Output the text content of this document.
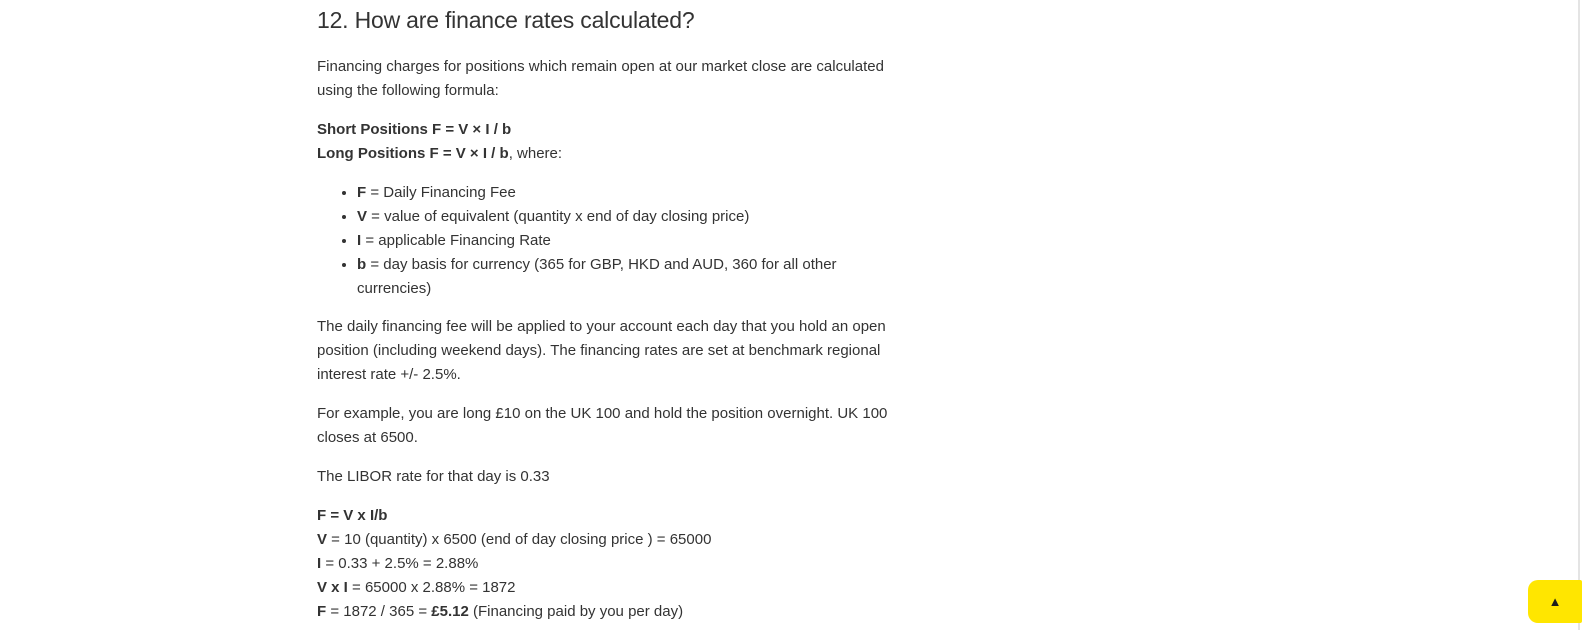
12. How are finance rates calculated?

Financing charges for positions which remain open at our market close are calculated using the following formula:

Short Positions F = V × I / b
Long Positions F = V × I / b, where:
• F = Daily Financing Fee
• V = value of equivalent (quantity x end of day closing price)
• I = applicable Financing Rate
• b = day basis for currency (365 for GBP, HKD and AUD, 360 for all other currencies)

The daily financing fee will be applied to your account each day that you hold an open position (including weekend days). The financing rates are set at benchmark regional interest rate +/- 2.5%.

For example, you are long £10 on the UK 100 and hold the position overnight. UK 100 closes at 6500.

The LIBOR rate for that day is 0.33

F = V x I/b
V = 10 (quantity) x 6500 (end of day closing price ) = 65000
I = 0.33 + 2.5% = 2.88%
V x I = 65000 x 2.88% = 1872
F = 1872 / 365 = £5.12 (Financing paid by you per day)
▲
